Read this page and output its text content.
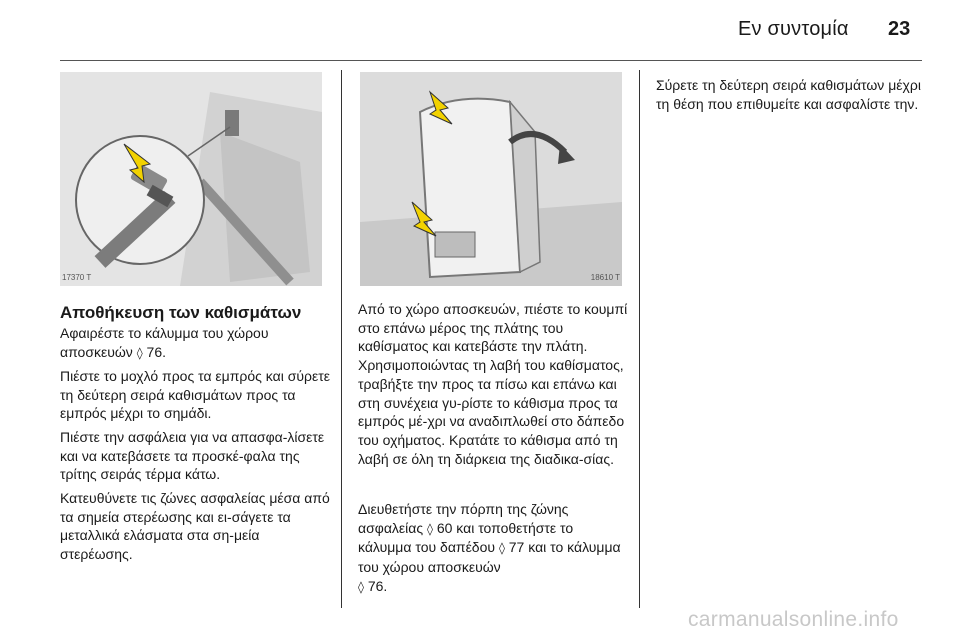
Εν συντομία 23
17370 T	18610 T
Αποθήκευση των καθισμάτων

Αφαιρέστε το κάλυμμα του χώρου αποσκευών ◊ 76.

Πιέστε το μοχλό προς τα εμπρός και σύρετε τη δεύτερη σειρά καθισμάτων προς τα εμπρός μέχρι το σημάδι.

Πιέστε την ασφάλεια για να απασφα-λίσετε και να κατεβάσετε τα προσκέ-φαλα της τρίτης σειράς τέρμα κάτω.

Κατευθύνετε τις ζώνες ασφαλείας μέσα από τα σημεία στερέωσης και ει-σάγετε τα μεταλλικά ελάσματα στα ση-μεία στερέωσης.

Από το χώρο αποσκευών, πιέστε το κουμπί στο επάνω μέρος της πλάτης του καθίσματος και κατεβάστε την πλάτη. Χρησιμοποιώντας τη λαβή του καθίσματος, τραβήξτε την προς τα πίσω και επάνω και στη συνέχεια γυ-ρίστε το κάθισμα προς τα εμπρός μέ-χρι να αναδιπλωθεί στο δάπεδο του οχήματος. Κρατάτε το κάθισμα από τη λαβή σε όλη τη διάρκεια της διαδικα-σίας.

Διευθετήστε την πόρπη της ζώνης ασφαλείας ◊ 60 και τοποθετήστε το κάλυμμα του δαπέδου ◊ 77 και το κάλυμμα του χώρου αποσκευών
◊ 76.

Σύρετε τη δεύτερη σειρά καθισμάτων μέχρι τη θέση που επιθυμείτε και ασφαλίστε την.

carmanualsonline.info
